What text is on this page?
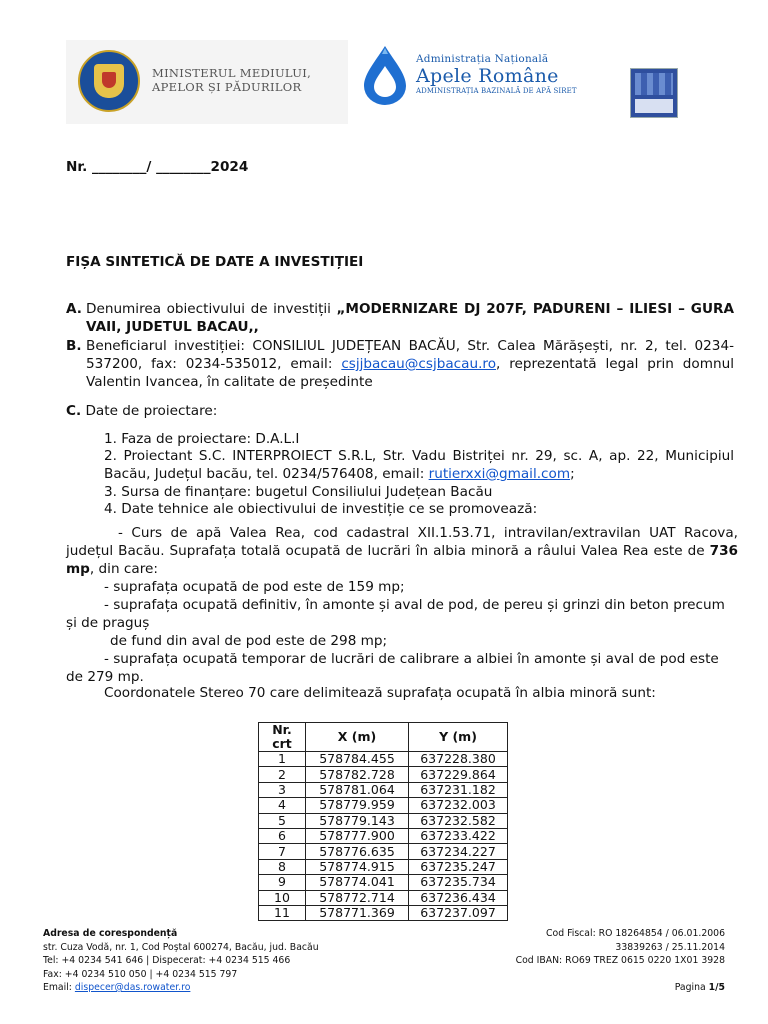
MINISTERUL MEDIULUI,
APELOR ȘI PĂDURILOR
Administrația Națională
Apele Române
ADMINISTRAȚIA BAZINALĂ DE APĂ SIRET
Nr. ________/ ________2024
FIȘA SINTETICĂ DE DATE A INVESTIȚIEI
A. Denumirea obiectivului de investiții „MODERNIZARE DJ 207F, PADURENI – ILIESI – GURA VAII, JUDETUL BACAU,,
B. Beneficiarul investiției: CONSILIUL JUDEȚEAN BACĂU, Str. Calea Mărășești, nr. 2, tel. 0234-537200, fax: 0234-535012, email: csjjbacau@csjbacau.ro, reprezentată legal prin domnul Valentin Ivancea, în calitate de președinte
C. Date de proiectare:
1. Faza de proiectare: D.A.L.I
2. Proiectant S.C. INTERPROIECT S.R.L, Str. Vadu Bistriței nr. 29, sc. A, ap. 22, Municipiul Bacău, Județul bacău, tel. 0234/576408, email: rutierxxi@gmail.com;
3. Sursa de finanțare: bugetul Consiliului Județean Bacău
4. Date tehnice ale obiectivului de investiție ce se promovează:
- Curs de apă Valea Rea, cod cadastral XII.1.53.71, intravilan/extravilan UAT Racova, județul Bacău. Suprafața totală ocupată de lucrări în albia minoră a râului Valea Rea este de 736 mp, din care:
- suprafața ocupată de pod este de 159 mp;
- suprafața ocupată definitiv, în amonte și aval de pod, de pereu și grinzi din beton precum și de praguș
de fund din aval de pod este de 298 mp;
- suprafața ocupată temporar de lucrări de calibrare a albiei în amonte și aval de pod este de 279 mp.
Coordonatele Stereo 70 care delimitează suprafața ocupată în albia minoră sunt:
Nr. crt	X (m)	Y (m)
1	578784.455	637228.380
2	578782.728	637229.864
3	578781.064	637231.182
4	578779.959	637232.003
5	578779.143	637232.582
6	578777.900	637233.422
7	578776.635	637234.227
8	578774.915	637235.247
9	578774.041	637235.734
10	578772.714	637236.434
11	578771.369	637237.097
Adresa de corespondență
str. Cuza Vodă, nr. 1, Cod Poștal 600274, Bacău, jud. Bacău
Tel: +4 0234 541 646 | Dispecerat: +4 0234 515 466
Fax: +4 0234 510 050 | +4 0234 515 797
Email: dispecer@das.rowater.ro
Cod Fiscal: RO 18264854 / 06.01.2006
33839263 / 25.11.2014
Cod IBAN: RO69 TREZ 0615 0220 1X01 3928
Pagina 1/5
